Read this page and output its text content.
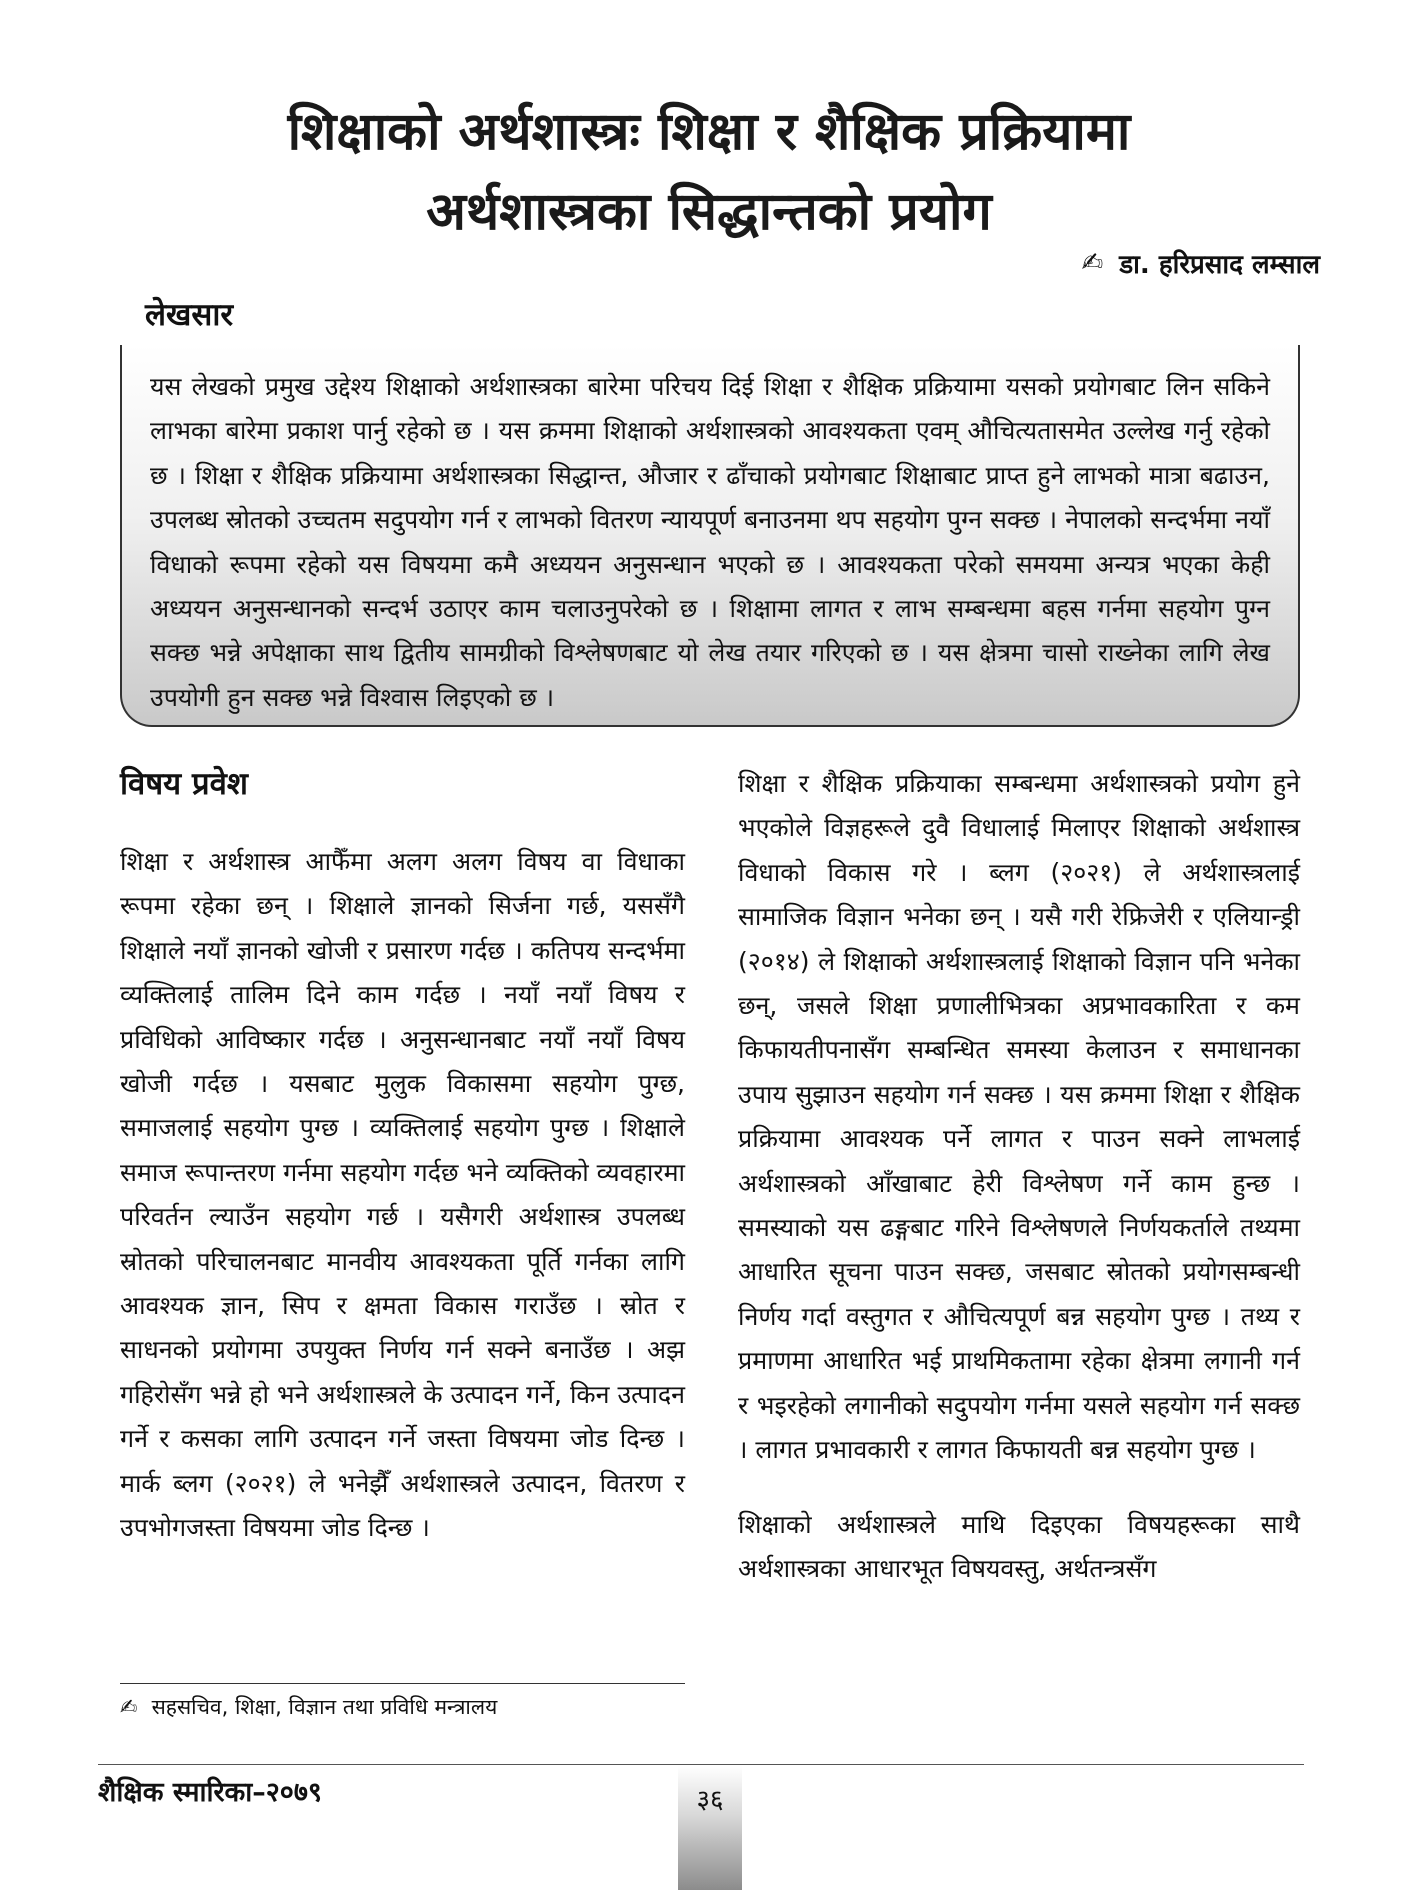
शिक्षाको अर्थशास्त्रः शिक्षा र शैक्षिक प्रक्रियामा
अर्थशास्त्रका सिद्धान्तको प्रयोग
✍ डा. हरिप्रसाद लम्साल
लेखसार

यस लेखको प्रमुख उद्देश्य शिक्षाको अर्थशास्त्रका बारेमा परिचय दिई शिक्षा र शैक्षिक प्रक्रियामा यसको प्रयोगबाट लिन सकिने लाभका बारेमा प्रकाश पार्नु रहेको छ । यस क्रममा शिक्षाको अर्थशास्त्रको आवश्यकता एवम् औचित्यतासमेत उल्लेख गर्नु रहेको छ । शिक्षा र शैक्षिक प्रक्रियामा अर्थशास्त्रका सिद्धान्त, औजार र ढाँचाको प्रयोगबाट शिक्षाबाट प्राप्त हुने लाभको मात्रा बढाउन, उपलब्ध स्रोतको उच्चतम सदुपयोग गर्न र लाभको वितरण न्यायपूर्ण बनाउनमा थप सहयोग पुग्न सक्छ । नेपालको सन्दर्भमा नयाँ विधाको रूपमा रहेको यस विषयमा कमै अध्ययन अनुसन्धान भएको छ । आवश्यकता परेको समयमा अन्यत्र भएका केही अध्ययन अनुसन्धानको सन्दर्भ उठाएर काम चलाउनुपरेको छ । शिक्षामा लागत र लाभ सम्बन्धमा बहस गर्नमा सहयोग पुग्न सक्छ भन्ने अपेक्षाका साथ द्वितीय सामग्रीको विश्लेषणबाट यो लेख तयार गरिएको छ । यस क्षेत्रमा चासो राख्नेका लागि लेख उपयोगी हुन सक्छ भन्ने विश्वास लिइएको छ ।

विषय प्रवेश

शिक्षा र अर्थशास्त्र आफैँमा अलग अलग विषय वा विधाका रूपमा रहेका छन् । शिक्षाले ज्ञानको सिर्जना गर्छ, यससँगै शिक्षाले नयाँ ज्ञानको खोजी र प्रसारण गर्दछ । कतिपय सन्दर्भमा व्यक्तिलाई तालिम दिने काम गर्दछ । नयाँ नयाँ विषय र प्रविधिको आविष्कार गर्दछ । अनुसन्धानबाट नयाँ नयाँ विषय खोजी गर्दछ । यसबाट मुलुक विकासमा सहयोग पुग्छ, समाजलाई सहयोग पुग्छ । व्यक्तिलाई सहयोग पुग्छ । शिक्षाले समाज रूपान्तरण गर्नमा सहयोग गर्दछ भने व्यक्तिको व्यवहारमा परिवर्तन ल्याउँन सहयोग गर्छ । यसैगरी अर्थशास्त्र उपलब्ध स्रोतको परिचालनबाट मानवीय आवश्यकता पूर्ति गर्नका लागि आवश्यक ज्ञान, सिप र क्षमता विकास गराउँछ । स्रोत र साधनको प्रयोगमा उपयुक्त निर्णय गर्न सक्ने बनाउँछ । अझ गहिरोसँग भन्ने हो भने अर्थशास्त्रले के उत्पादन गर्ने, किन उत्पादन गर्ने र कसका लागि उत्पादन गर्ने जस्ता विषयमा जोड दिन्छ । मार्क ब्लग (२०२१) ले भनेझैँ अर्थशास्त्रले उत्पादन, वितरण र उपभोगजस्ता विषयमा जोड दिन्छ ।

शिक्षा र शैक्षिक प्रक्रियाका सम्बन्धमा अर्थशास्त्रको प्रयोग हुने भएकोले विज्ञहरूले दुवै विधालाई मिलाएर शिक्षाको अर्थशास्त्र विधाको विकास गरे । ब्लग (२०२१) ले अर्थशास्त्रलाई सामाजिक विज्ञान भनेका छन् । यसै गरी रेफ्रिजेरी र एलियान्ड्री (२०१४) ले शिक्षाको अर्थशास्त्रलाई शिक्षाको विज्ञान पनि भनेका छन्, जसले शिक्षा प्रणालीभित्रका अप्रभावकारिता र कम किफायतीपनासँग सम्बन्धित समस्या केलाउन र समाधानका उपाय सुझाउन सहयोग गर्न सक्छ । यस क्रममा शिक्षा र शैक्षिक प्रक्रियामा आवश्यक पर्ने लागत र पाउन सक्ने लाभलाई अर्थशास्त्रको आँखाबाट हेरी विश्लेषण गर्ने काम हुन्छ । समस्याको यस ढङ्गबाट गरिने विश्लेषणले निर्णयकर्ताले तथ्यमा आधारित सूचना पाउन सक्छ, जसबाट स्रोतको प्रयोगसम्बन्धी निर्णय गर्दा वस्तुगत र औचित्यपूर्ण बन्न सहयोग पुग्छ । तथ्य र प्रमाणमा आधारित भई प्राथमिकतामा रहेका क्षेत्रमा लगानी गर्न र भइरहेको लगानीको सदुपयोग गर्नमा यसले सहयोग गर्न सक्छ । लागत प्रभावकारी र लागत किफायती बन्न सहयोग पुग्छ ।

शिक्षाको अर्थशास्त्रले माथि दिइएका विषयहरूका साथै अर्थशास्त्रका आधारभूत विषयवस्तु, अर्थतन्त्रसँग

✍ सहसचिव, शिक्षा, विज्ञान तथा प्रविधि मन्त्रालय
शैक्षिक स्मारिका–२०७९	३६
